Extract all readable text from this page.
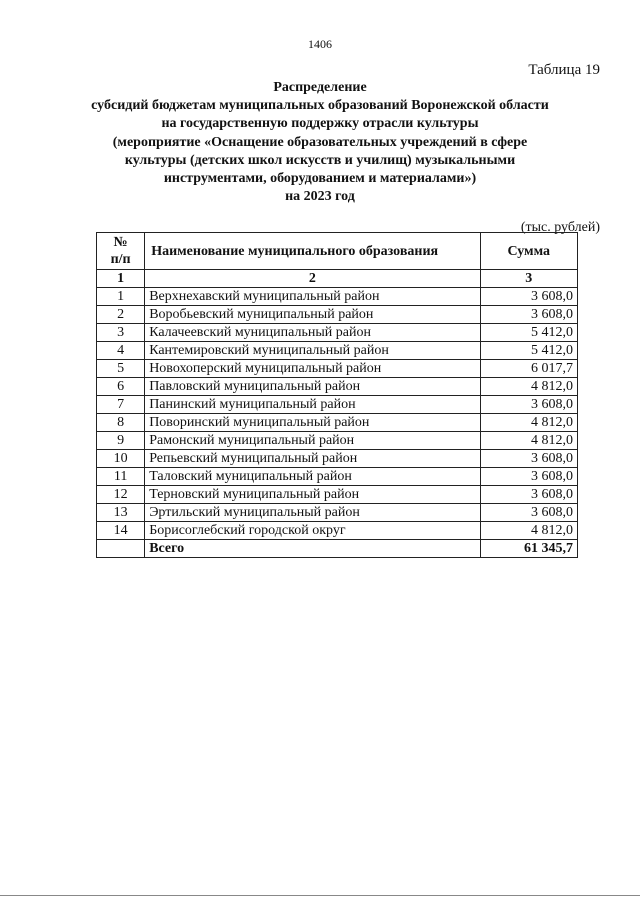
1406
Таблица 19
Распределение
субсидий бюджетам муниципальных образований Воронежской области
на государственную поддержку отрасли культуры
(мероприятие «Оснащение образовательных учреждений в сфере
культуры (детских школ искусств и училищ) музыкальными
инструментами, оборудованием и материалами»)
на 2023 год
(тыс. рублей)
№
п/п	Наименование муниципального образования	Сумма
1	2	3
1	Верхнехавский муниципальный район	3 608,0
2	Воробьевский муниципальный район	3 608,0
3	Калачеевский муниципальный район	5 412,0
4	Кантемировский муниципальный район	5 412,0
5	Новохоперский муниципальный район	6 017,7
6	Павловский муниципальный район	4 812,0
7	Панинский муниципальный район	3 608,0
8	Поворинский муниципальный район	4 812,0
9	Рамонский муниципальный район	4 812,0
10	Репьевский муниципальный район	3 608,0
11	Таловский муниципальный район	3 608,0
12	Терновский муниципальный район	3 608,0
13	Эртильский муниципальный район	3 608,0
14	Борисоглебский городской округ	4 812,0
	Всего	61 345,7
